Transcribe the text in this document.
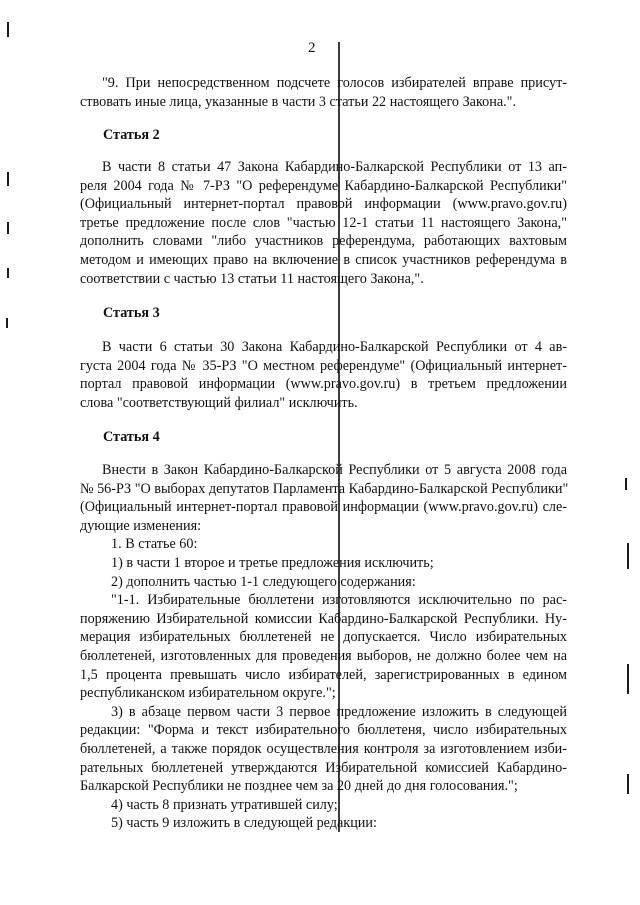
2
"9. При непосредственном подсчете голосов избирателей вправе присут-
ствовать иные лица, указанные в части 3 статьи 22 настоящего Закона.".
Статья 2
В части 8 статьи 47 Закона Кабардино-Балкарской Республики от 13 ап-
реля 2004 года № 7-РЗ "О референдуме Кабардино-Балкарской Республики"
(Официальный интернет-портал правовой информации (www.pravo.gov.ru)
третье предложение после слов "частью 12-1 статьи 11 настоящего Закона,"
дополнить словами "либо участников референдума, работающих вахтовым
методом и имеющих право на включение в список участников референдума в
соответствии с частью 13 статьи 11 настоящего Закона,".
Статья 3
В части 6 статьи 30 Закона Кабардино-Балкарской Республики от 4 ав-
густа 2004 года № 35-РЗ "О местном референдуме" (Официальный интернет-
портал правовой информации (www.pravo.gov.ru) в третьем предложении
слова "соответствующий филиал" исключить.
Статья 4
Внести в Закон Кабардино-Балкарской Республики от 5 августа 2008 года
№ 56-РЗ "О выборах депутатов Парламента Кабардино-Балкарской Республики"
(Официальный интернет-портал правовой информации (www.pravo.gov.ru) сле-
дующие изменения:
1. В статье 60:
1) в части 1 второе и третье предложения исключить;
2) дополнить частью 1-1 следующего содержания:
"1-1. Избирательные бюллетени изготовляются исключительно по рас-
поряжению Избирательной комиссии Кабардино-Балкарской Республики. Ну-
мерация избирательных бюллетеней не допускается. Число избирательных
бюллетеней, изготовленных для проведения выборов, не должно более чем на
1,5 процента превышать число избирателей, зарегистрированных в едином
республиканском избирательном округе.";
3) в абзаце первом части 3 первое предложение изложить в следующей
редакции: "Форма и текст избирательного бюллетеня, число избирательных
бюллетеней, а также порядок осуществления контроля за изготовлением изби-
рательных бюллетеней утверждаются Избирательной комиссией Кабардино-
Балкарской Республики не позднее чем за 20 дней до дня голосования.";
4) часть 8 признать утратившей силу;
5) часть 9 изложить в следующей редакции:
